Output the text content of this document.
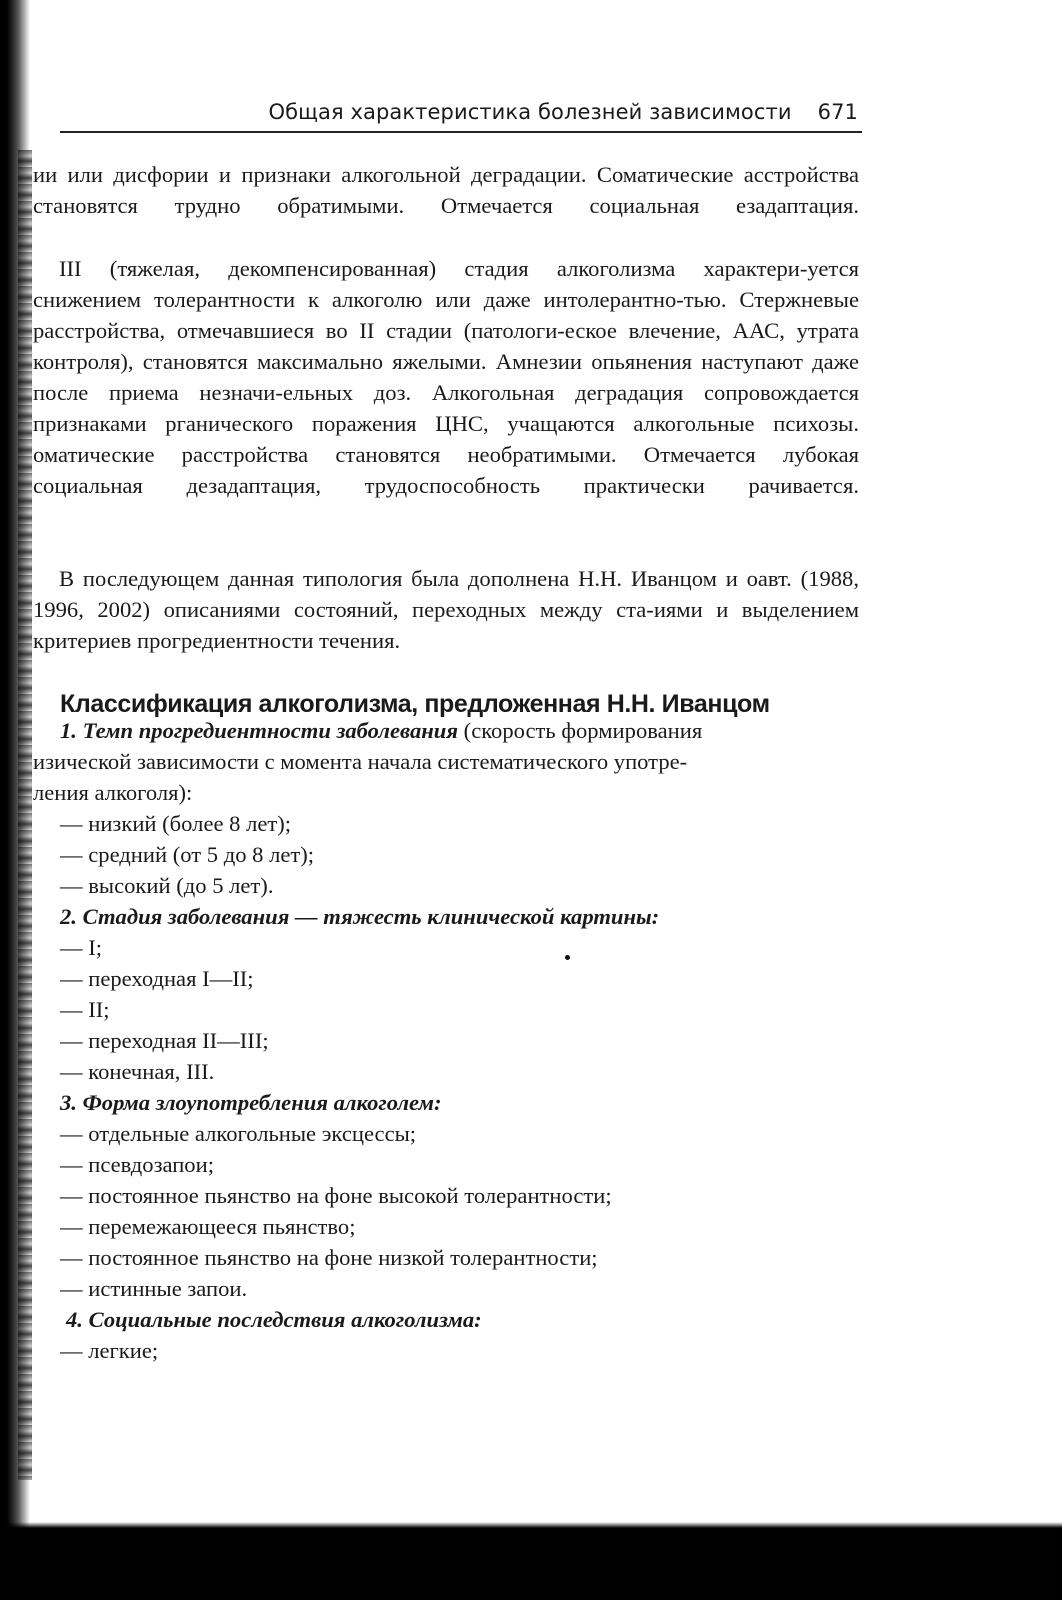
Общая характеристика болезней зависимости 671

ии или дисфории и признаки алкогольной деградации. Соматические асстройства становятся трудно обратимыми. Отмечается социальная езадаптация.

III (тяжелая, декомпенсированная) стадия алкоголизма характери-уется снижением толерантности к алкоголю или даже интолерантно-тью. Стержневые расстройства, отмечавшиеся во II стадии (патологи-еское влечение, ААС, утрата контроля), становятся максимально яжелыми. Амнезии опьянения наступают даже после приема незначи-ельных доз. Алкогольная деградация сопровождается признаками рганического поражения ЦНС, учащаются алкогольные психозы. оматические расстройства становятся необратимыми. Отмечается лубокая социальная дезадаптация, трудоспособность практически рачивается.

В последующем данная типология была дополнена Н.Н. Иванцом и оавт. (1988, 1996, 2002) описаниями состояний, переходных между ста-иями и выделением критериев прогредиентности течения.

Классификация алкоголизма, предложенная Н.Н. Иванцом
1. Темп прогредиентности заболевания (скорость формирования
изической зависимости с момента начала систематического употре-
ления алкоголя):
— низкий (более 8 лет);
— средний (от 5 до 8 лет);
— высокий (до 5 лет).
2. Стадия заболевания — тяжесть клинической картины:
— I;
— переходная I—II;
— II;
— переходная II—III;
— конечная, III.
3. Форма злоупотребления алкоголем:
— отдельные алкогольные эксцессы;
— псевдозапои;
— постоянное пьянство на фоне высокой толерантности;
— перемежающееся пьянство;
— постоянное пьянство на фоне низкой толерантности;
— истинные запои.
4. Социальные последствия алкоголизма:
— легкие;
